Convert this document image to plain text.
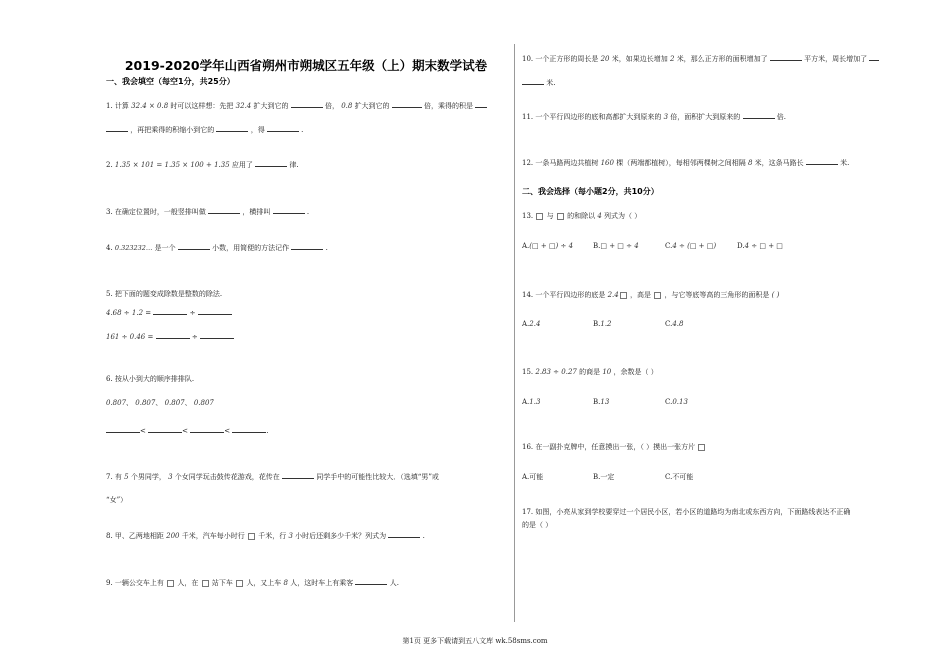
2019-2020学年山西省朔州市朔城区五年级（上）期末数学试卷
一、我会填空（每空1分，共25分）
1. 计算 32.4 × 0.8 时可以这样想：先把 32.4 扩大到它的	倍， 0.8 扩大到它的	倍，乘得的积是
，再把乘得的积缩小到它的	，得	.
2. 1.35 × 101 = 1.35 × 100 + 1.35 应用了	律.
3. 在确定位置时，一般竖排叫做	，横排叫	.
4. 0.323232… 是一个	小数，用简便的方法记作	.
5. 把下面的题变成除数是整数的除法.
4.68 ÷ 1.2 =	÷
161 ÷ 0.46 =	÷
6. 按从小到大的顺序排排队.
0.807、 0.807̇、 0.80̇7̇、 0.807̇
<	<	<	.
7. 有 5 个男同学， 3 个女同学玩击鼓传花游戏，花传在	同学手中的可能性比较大．（选填“男”或
“女”）
8. 甲、乙两地相距 200 千米，汽车每小时行 千米，行 3 小时后还剩多少千米？列式为	.
9. 一辆公交车上有 人，在 站下车 人，又上车 8 人，这时车上有乘客	人.
10. 一个正方形的周长是 20 米，如果边长增加 2 米，那么正方形的面积增加了	平方米，周长增加了
米.
11. 一个平行四边形的底和高都扩大到原来的 3 倍，面积扩大到原来的	倍.
12. 一条马路两边共植树 160 棵（两端都植树），每相邻两棵树之间相隔 8 米，这条马路长	米.
二、我会选择（每小题2分，共10分）
13. 与 的和除以 4 列式为（ ）
A.(□ + □) ÷ 4	B.□ + □ ÷ 4	C.4 ÷ (□ + □)	D.4 ÷ □ + □
14. 一个平行四边形的底是 2.4 ，高是 ，与它等底等高的三角形的面积是 ( )
A.2.4	B.1.2	C.4.8
15. 2.83 ÷ 0.27 的商是 10 ，余数是（ ）
A.1.3	B.13	C.0.13
16. 在一副扑克牌中，任意摸出一张，（ ）摸出一张方片
A.可能	B.一定	C.不可能
17. 如图，小亮从家到学校要穿过一个居民小区，若小区的道路均为南北或东西方向，下面路线表达不正确
的是（ ）
第1页 更多下载请到五八文库 wk.58sms.com
